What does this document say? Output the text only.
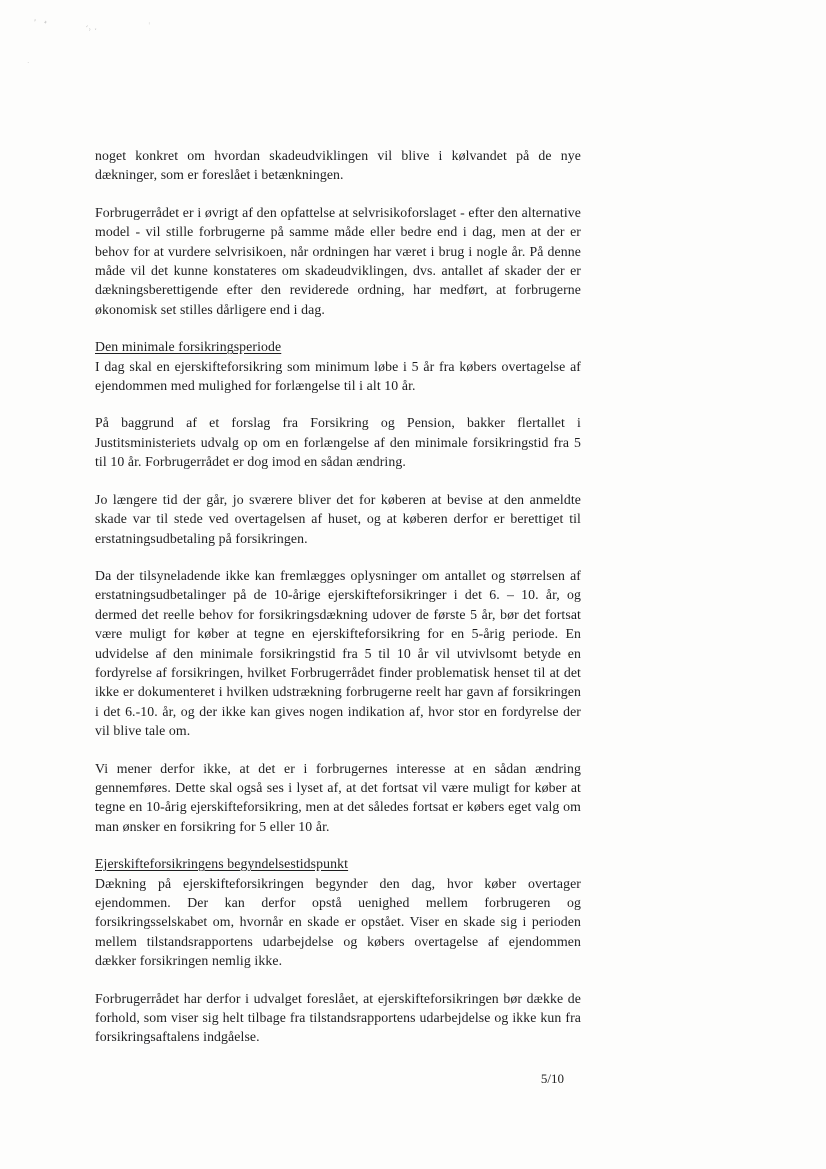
ʼ ˖
ˊ˒ ˑ	ˈ
˙

noget konkret om hvordan skadeudviklingen vil blive i kølvandet på de nye dækninger, som er foreslået i betænkningen.

Forbrugerrådet er i øvrigt af den opfattelse at selvrisikoforslaget - efter den alternative model - vil stille forbrugerne på samme måde eller bedre end i dag, men at der er behov for at vurdere selvrisikoen, når ordningen har været i brug i nogle år. På denne måde vil det kunne konstateres om skadeudviklingen, dvs. antallet af skader der er dækningsberettigende efter den reviderede ordning, har medført, at forbrugerne økonomisk set stilles dårligere end i dag.

Den minimale forsikringsperiode

I dag skal en ejerskifteforsikring som minimum løbe i 5 år fra købers overtagelse af ejendommen med mulighed for forlængelse til i alt 10 år.

På baggrund af et forslag fra Forsikring og Pension, bakker flertallet i Justitsministeriets udvalg op om en forlængelse af den minimale forsikringstid fra 5 til 10 år. Forbrugerrådet er dog imod en sådan ændring.

Jo længere tid der går, jo sværere bliver det for køberen at bevise at den anmeldte skade var til stede ved overtagelsen af huset, og at køberen derfor er berettiget til erstatningsudbetaling på forsikringen.

Da der tilsyneladende ikke kan fremlægges oplysninger om antallet og størrelsen af erstatningsudbetalinger på de 10-årige ejerskifteforsikringer i det 6. – 10. år, og dermed det reelle behov for forsikringsdækning udover de første 5 år, bør det fortsat være muligt for køber at tegne en ejerskifteforsikring for en 5-årig periode. En udvidelse af den minimale forsikringstid fra 5 til 10 år vil utvivlsomt betyde en fordyrelse af forsikringen, hvilket Forbrugerrådet finder problematisk henset til at det ikke er dokumenteret i hvilken udstrækning forbrugerne reelt har gavn af forsikringen i det 6.-10. år, og der ikke kan gives nogen indikation af, hvor stor en fordyrelse der vil blive tale om.

Vi mener derfor ikke, at det er i forbrugernes interesse at en sådan ændring gennemføres. Dette skal også ses i lyset af, at det fortsat vil være muligt for køber at tegne en 10-årig ejerskifteforsikring, men at det således fortsat er købers eget valg om man ønsker en forsikring for 5 eller 10 år.

Ejerskifteforsikringens begyndelsestidspunkt

Dækning på ejerskifteforsikringen begynder den dag, hvor køber overtager ejendommen. Der kan derfor opstå uenighed mellem forbrugeren og forsikringsselskabet om, hvornår en skade er opstået. Viser en skade sig i perioden mellem tilstandsrapportens udarbejdelse og købers overtagelse af ejendommen dækker forsikringen nemlig ikke.

Forbrugerrådet har derfor i udvalget foreslået, at ejerskifteforsikringen bør dække de forhold, som viser sig helt tilbage fra tilstandsrapportens udarbejdelse og ikke kun fra forsikringsaftalens indgåelse.

5/10
